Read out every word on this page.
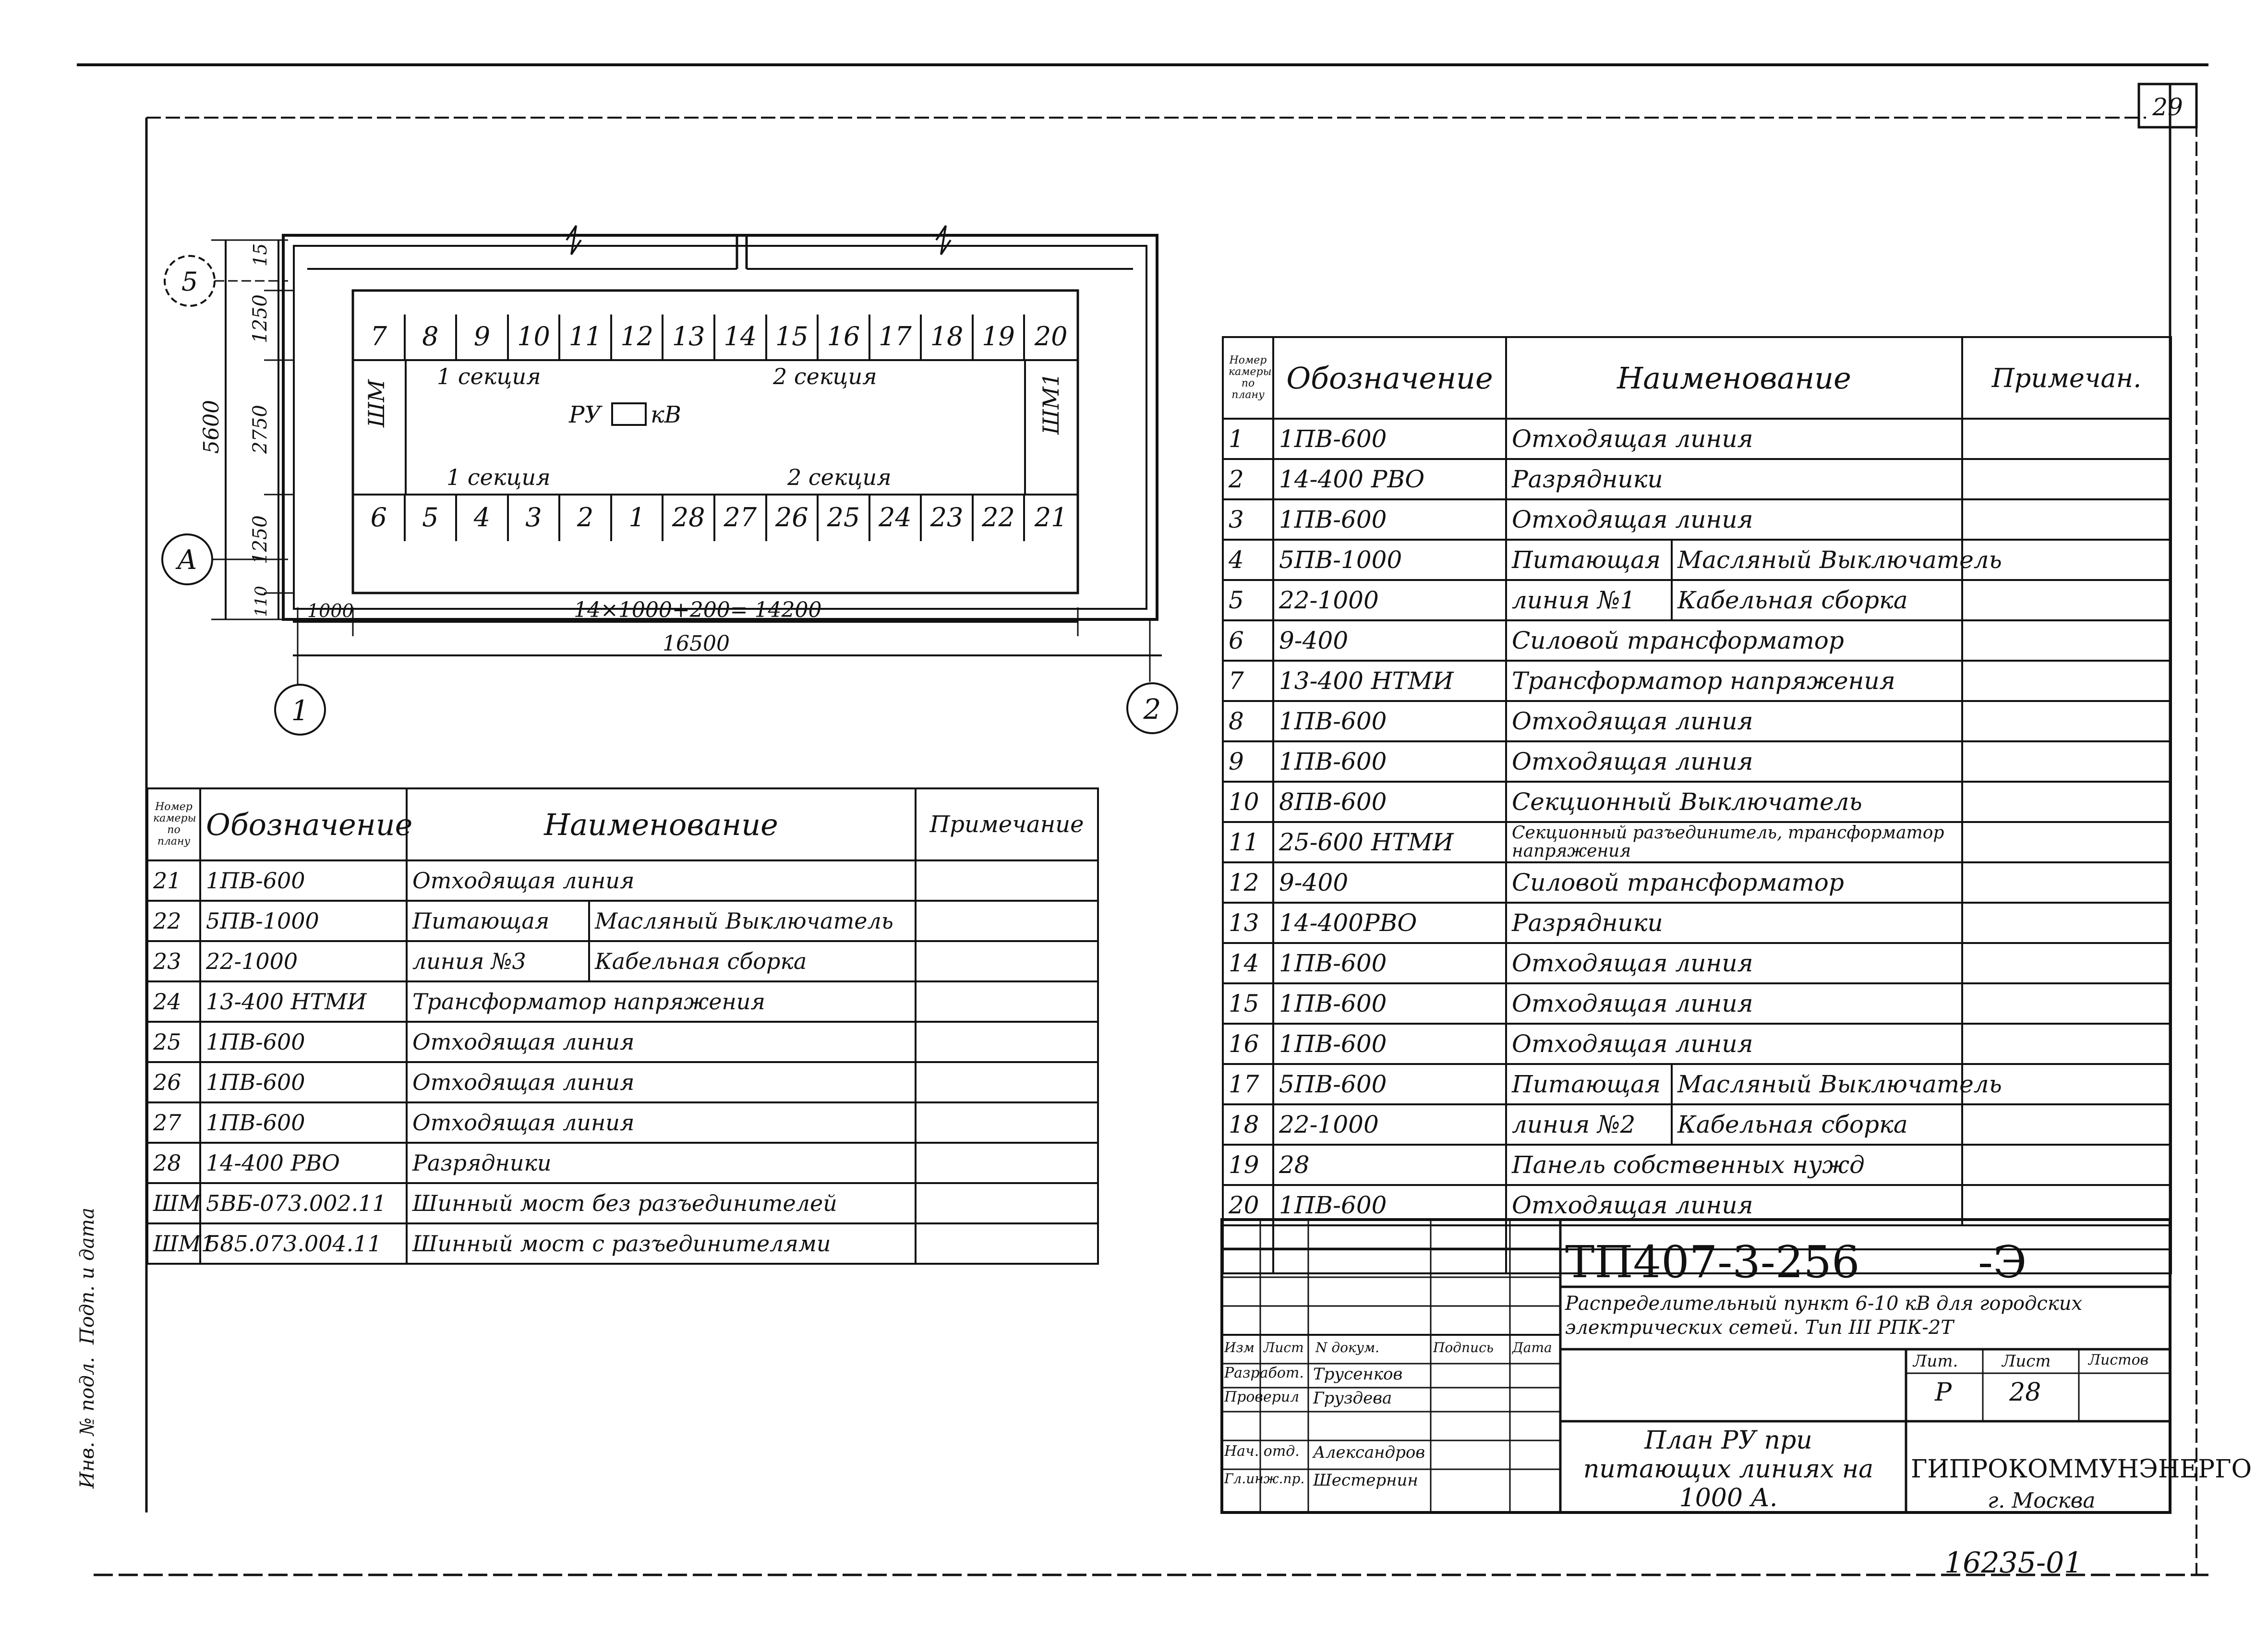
29
Подп. и дата
Инв. № подл.
16235-01
1 секция	2 секция
РУ кВ
1 секция	2 секция
ШМ	ШМ1
15
1250
2750
1250
110
5600
5
А
1000	14×1000+200= 14200
16500
1	2
7	8	9	10 11 12 13 14 15 16 17 18 19 20
6	5	4	3	2	1	28 27 26 25 24 23 22 21
Номер камеры по плану	Обозначение	Наименование		Примечание
21	1ПВ-600	Отходящая линия		
22	5ПВ-1000	Питающая	Масляный Выключатель	
23	22-1000	линия №3	Кабельная сборка	
24	13-400 НТМИ	Трансформатор напряжения		
25	1ПВ-600	Отходящая линия		
26	1ПВ-600	Отходящая линия		
27	1ПВ-600	Отходящая линия		
28	14-400 РВО	Разрядники		
ШМ	5ВБ-073.002.11	Шинный мост без разъединителей		
ШМ1	585.073.004.11	Шинный мост с разъединителями		
Номер камеры по плану	Обозначение	Наименование		Примечан.
1	1ПВ-600	Отходящая линия		
2	14-400 РВО	Разрядники		
3	1ПВ-600	Отходящая линия		
4	5ПВ-1000	Питающая	Масляный Выключатель	
5	22-1000	линия №1	Кабельная сборка	
6	9-400	Силовой трансформатор		
7	13-400 НТМИ	Трансформатор напряжения		
8	1ПВ-600	Отходящая линия		
9	1ПВ-600	Отходящая линия		
10	8ПВ-600	Секционный Выключатель		
11	25-600 НТМИ	Секционный разъединитель, трансформатор напряжения		
12	9-400	Силовой трансформатор		
13	14-400РВО	Разрядники		
14	1ПВ-600	Отходящая линия		
15	1ПВ-600	Отходящая линия		
16	1ПВ-600	Отходящая линия		
17	5ПВ-600	Питающая	Масляный Выключатель	
18	22-1000	линия №2	Кабельная сборка	
19	28	Панель собственных нужд		
20	1ПВ-600	Отходящая линия		

ТП407-3-256	-Э
Распределительный пункт 6-10 кВ для городских электрических сетей. Тип III РПК-2Т
План РУ при питающих линиях на 1000 А.
ГИПРОКОММУНЭНЕРГО
г. Москва
Лит.	Лист	Листов
Р 28
Изм Лист N докум.	Подпись Дата
Разработ. Трусенков
Проверил Груздева
Нач. отд. Александров
Гл.инж.пр. Шестернин
